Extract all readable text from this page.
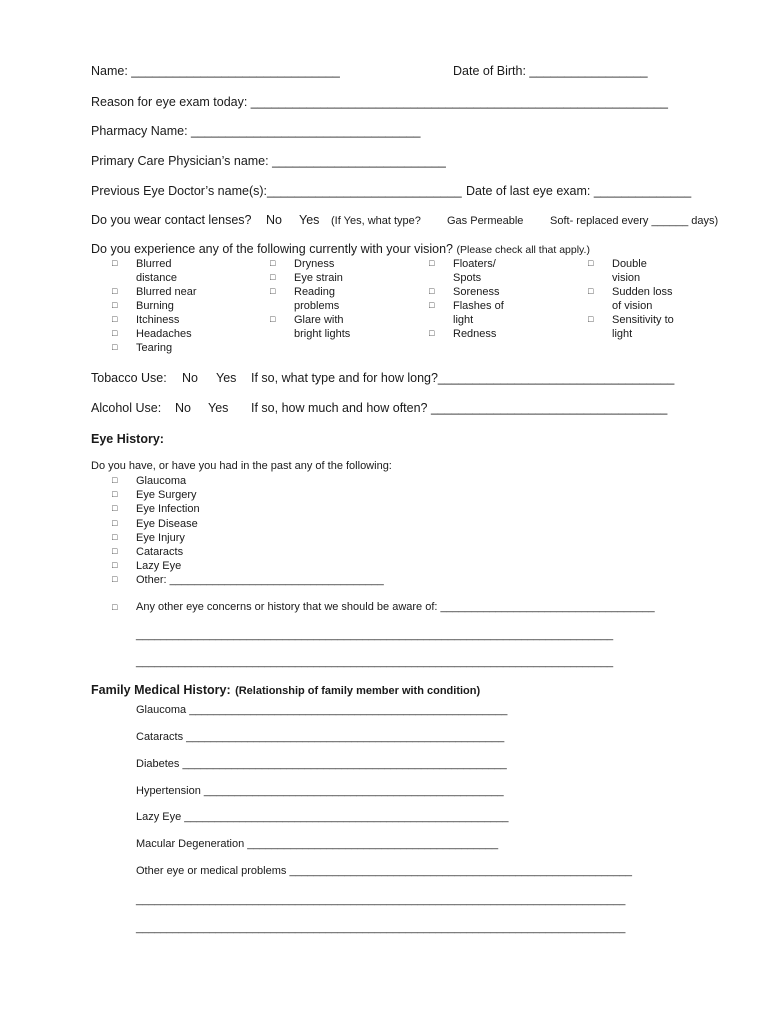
Name: ______________________________	Date of Birth: _________________
Reason for eye exam today: ____________________________________________________________
Pharmacy Name: _________________________________
Primary Care Physician’s name: _________________________
Previous Eye Doctor’s name(s):____________________________ Date of last eye exam: ______________
Do you wear contact lenses? No Yes (If Yes, what type? Gas Permeable Soft- replaced every ______ days)
Do you experience any of the following currently with your vision? (Please check all that apply.)
□ Blurred
distance
□ Blurred near
□ Burning
□ Itchiness
□ Headaches
□ Tearing
□ Dryness
□ Eye strain
□ Reading
problems
□ Glare with
bright lights
□ Floaters/
Spots
□ Soreness
□ Flashes of
light
□ Redness
□ Double
vision
□ Sudden loss
of vision
□ Sensitivity to
light
Tobacco Use: No Yes If so, what type and for how long?__________________________________
Alcohol Use: No Yes If so, how much and how often? __________________________________
Eye History:
Do you have, or have you had in the past any of the following:
□ Glaucoma
□ Eye Surgery
□ Eye Infection
□ Eye Disease
□ Eye Injury
□ Cataracts
□ Lazy Eye
□ Other: ___________________________________
□ Any other eye concerns or history that we should be aware of: ___________________________________
______________________________________________________________________________
______________________________________________________________________________
Family Medical History: (Relationship of family member with condition)
Glaucoma ____________________________________________________
Cataracts ____________________________________________________
Diabetes _____________________________________________________
Hypertension _________________________________________________
Lazy Eye _____________________________________________________
Macular Degeneration _________________________________________
Other eye or medical problems ________________________________________________________
________________________________________________________________________________
________________________________________________________________________________
